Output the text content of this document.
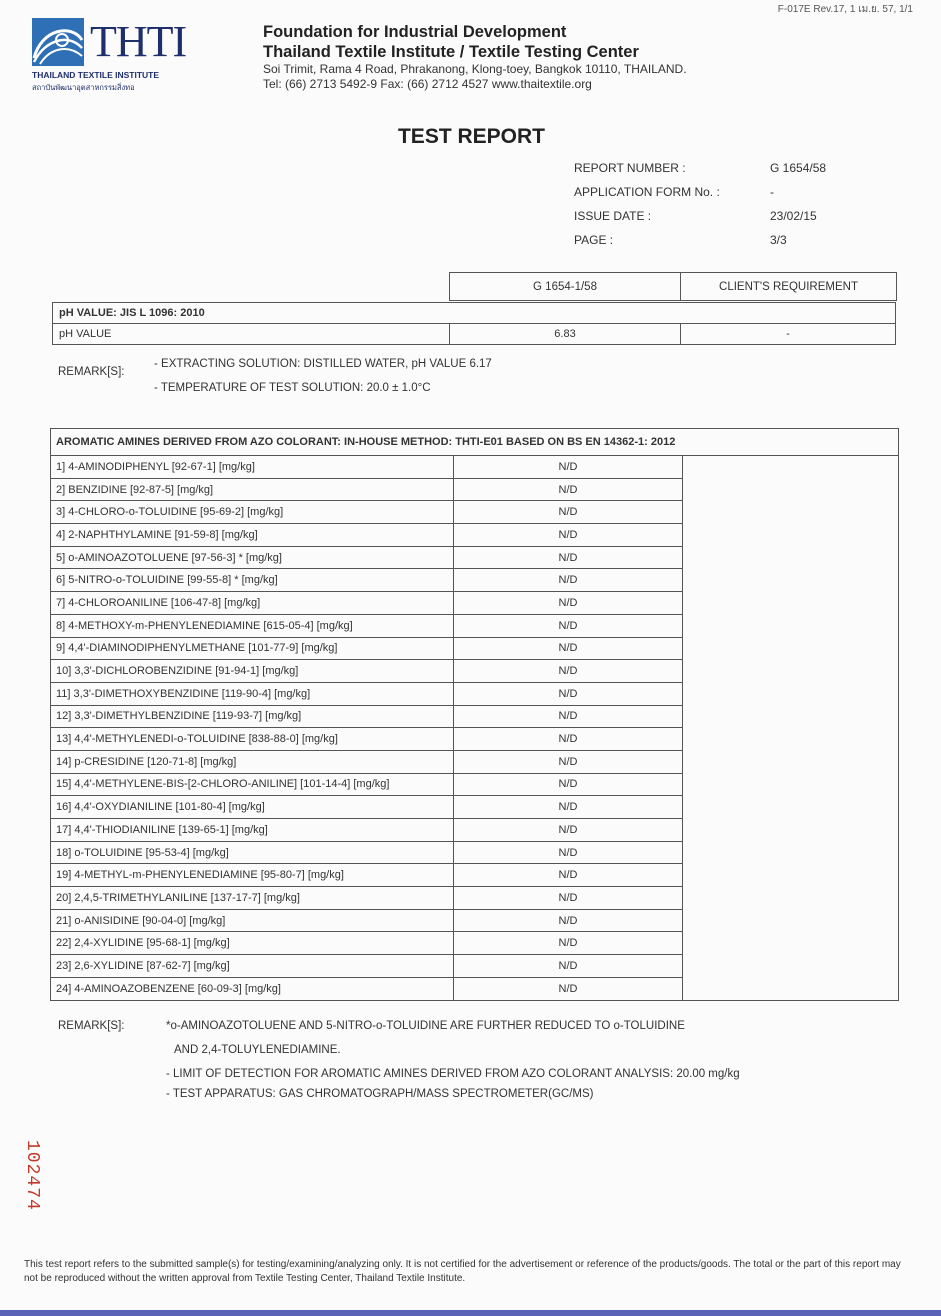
F-017E Rev.17, 1 เม.ย. 57, 1/1
THTI
THAILAND TEXTILE INSTITUTE
สถาบันพัฒนาอุตสาหกรรมสิ่งทอ
Foundation for Industrial Development
Thailand Textile Institute / Textile Testing Center
Soi Trimit, Rama 4 Road, Phrakanong, Klong-toey, Bangkok 10110, THAILAND.
Tel: (66) 2713 5492-9 Fax: (66) 2712 4527 www.thaitextile.org
TEST REPORT
REPORT NUMBER :	G 1654/58
APPLICATION FORM No. :	-
ISSUE DATE :	23/02/15
PAGE :	3/3
G 1654-1/58	CLIENT'S REQUIREMENT
pH VALUE: JIS L 1096: 2010
pH VALUE	6.83	-
REMARK[S]:
- EXTRACTING SOLUTION: DISTILLED WATER, pH VALUE 6.17
- TEMPERATURE OF TEST SOLUTION: 20.0 ± 1.0°C
AROMATIC AMINES DERIVED FROM AZO COLORANT: IN-HOUSE METHOD: THTI-E01 BASED ON BS EN 14362-1: 2012		
1] 4-AMINODIPHENYL [92-67-1] [mg/kg]	N/D	
2] BENZIDINE [92-87-5] [mg/kg]	N/D	
3] 4-CHLORO-o-TOLUIDINE [95-69-2] [mg/kg]	N/D	
4] 2-NAPHTHYLAMINE [91-59-8] [mg/kg]	N/D	
5] o-AMINOAZOTOLUENE [97-56-3] * [mg/kg]	N/D	
6] 5-NITRO-o-TOLUIDINE [99-55-8] * [mg/kg]	N/D	
7] 4-CHLOROANILINE [106-47-8] [mg/kg]	N/D	
8] 4-METHOXY-m-PHENYLENEDIAMINE [615-05-4] [mg/kg]	N/D	
9] 4,4'-DIAMINODIPHENYLMETHANE [101-77-9] [mg/kg]	N/D	
10] 3,3'-DICHLOROBENZIDINE [91-94-1] [mg/kg]	N/D	
11] 3,3'-DIMETHOXYBENZIDINE [119-90-4] [mg/kg]	N/D	
12] 3,3'-DIMETHYLBENZIDINE [119-93-7] [mg/kg]	N/D	
13] 4,4'-METHYLENEDI-o-TOLUIDINE [838-88-0] [mg/kg]	N/D	
14] p-CRESIDINE [120-71-8] [mg/kg]	N/D	
15] 4,4'-METHYLENE-BIS-[2-CHLORO-ANILINE] [101-14-4] [mg/kg]	N/D	
16] 4,4'-OXYDIANILINE [101-80-4] [mg/kg]	N/D	
17] 4,4'-THIODIANILINE [139-65-1] [mg/kg]	N/D	
18] o-TOLUIDINE [95-53-4] [mg/kg]	N/D	
19] 4-METHYL-m-PHENYLENEDIAMINE [95-80-7] [mg/kg]	N/D	
20] 2,4,5-TRIMETHYLANILINE [137-17-7] [mg/kg]	N/D	
21] o-ANISIDINE [90-04-0] [mg/kg]	N/D	
22] 2,4-XYLIDINE [95-68-1] [mg/kg]	N/D	
23] 2,6-XYLIDINE [87-62-7] [mg/kg]	N/D	
24] 4-AMINOAZOBENZENE [60-09-3] [mg/kg]	N/D	
REMARK[S]:	*o-AMINOAZOTOLUENE AND 5-NITRO-o-TOLUIDINE ARE FURTHER REDUCED TO o-TOLUIDINE
AND 2,4-TOLUYLENEDIAMINE.
- LIMIT OF DETECTION FOR AROMATIC AMINES DERIVED FROM AZO COLORANT ANALYSIS: 20.00 mg/kg
- TEST APPARATUS: GAS CHROMATOGRAPH/MASS SPECTROMETER(GC/MS)
102474
This test report refers to the submitted sample(s) for testing/examining/analyzing only. It is not certified for the advertisement or reference of the products/goods. The total or the part of this report may not be reproduced without the written approval from Textile Testing Center, Thailand Textile Institute.
